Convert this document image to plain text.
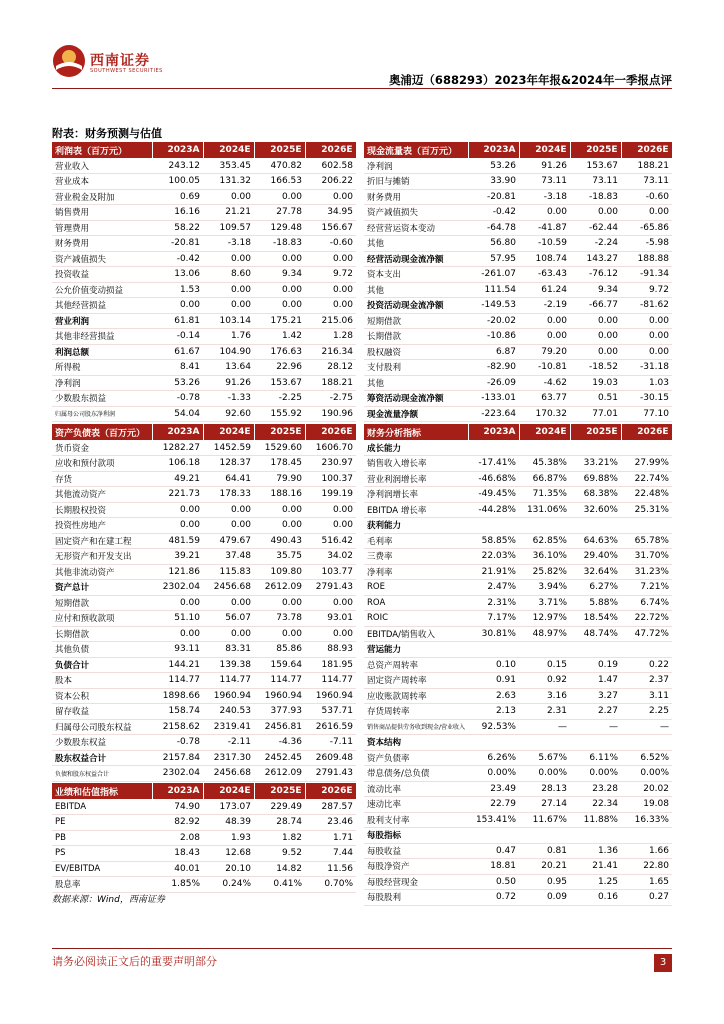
西南证券
SOUTHWEST SECURITIES
奥浦迈（688293）2023年年报&2024年一季报点评
附表：财务预测与估值
利润表（百万元）	2023A	2024E	2025E	2026E
营业收入	243.12	353.45	470.82	602.58
营业成本	100.05	131.32	166.53	206.22
营业税金及附加	0.69	0.00	0.00	0.00
销售费用	16.16	21.21	27.78	34.95
管理费用	58.22	109.57	129.48	156.67
财务费用	-20.81	-3.18	-18.83	-0.60
资产减值损失	-0.42	0.00	0.00	0.00
投资收益	13.06	8.60	9.34	9.72
公允价值变动损益	1.53	0.00	0.00	0.00
其他经营损益	0.00	0.00	0.00	0.00
营业利润	61.81	103.14	175.21	215.06
其他非经营损益	-0.14	1.76	1.42	1.28
利润总额	61.67	104.90	176.63	216.34
所得税	8.41	13.64	22.96	28.12
净利润	53.26	91.26	153.67	188.21
少数股东损益	-0.78	-1.33	-2.25	-2.75
归属母公司股东净利润	54.04	92.60	155.92	190.96
现金流量表（百万元）	2023A	2024E	2025E	2026E
净利润	53.26	91.26	153.67	188.21
折旧与摊销	33.90	73.11	73.11	73.11
财务费用	-20.81	-3.18	-18.83	-0.60
资产减值损失	-0.42	0.00	0.00	0.00
经营营运资本变动	-64.78	-41.87	-62.44	-65.86
其他	56.80	-10.59	-2.24	-5.98
经营活动现金流净额	57.95	108.74	143.27	188.88
资本支出	-261.07	-63.43	-76.12	-91.34
其他	111.54	61.24	9.34	9.72
投资活动现金流净额	-149.53	-2.19	-66.77	-81.62
短期借款	-20.02	0.00	0.00	0.00
长期借款	-10.86	0.00	0.00	0.00
股权融资	6.87	79.20	0.00	0.00
支付股利	-82.90	-10.81	-18.52	-31.18
其他	-26.09	-4.62	19.03	1.03
筹资活动现金流净额	-133.01	63.77	0.51	-30.15
现金流量净额	-223.64	170.32	77.01	77.10
资产负债表（百万元）	2023A	2024E	2025E	2026E
货币资金	1282.27	1452.59	1529.60	1606.70
应收和预付款项	106.18	128.37	178.45	230.97
存货	49.21	64.41	79.90	100.37
其他流动资产	221.73	178.33	188.16	199.19
长期股权投资	0.00	0.00	0.00	0.00
投资性房地产	0.00	0.00	0.00	0.00
固定资产和在建工程	481.59	479.67	490.43	516.42
无形资产和开发支出	39.21	37.48	35.75	34.02
其他非流动资产	121.86	115.83	109.80	103.77
资产总计	2302.04	2456.68	2612.09	2791.43
短期借款	0.00	0.00	0.00	0.00
应付和预收款项	51.10	56.07	73.78	93.01
长期借款	0.00	0.00	0.00	0.00
其他负债	93.11	83.31	85.86	88.93
负债合计	144.21	139.38	159.64	181.95
股本	114.77	114.77	114.77	114.77
资本公积	1898.66	1960.94	1960.94	1960.94
留存收益	158.74	240.53	377.93	537.71
归属母公司股东权益	2158.62	2319.41	2456.81	2616.59
少数股东权益	-0.78	-2.11	-4.36	-7.11
股东权益合计	2157.84	2317.30	2452.45	2609.48
负债和股东权益合计	2302.04	2456.68	2612.09	2791.43
财务分析指标	2023A	2024E	2025E	2026E
成长能力				
销售收入增长率	-17.41%	45.38%	33.21%	27.99%
营业利润增长率	-46.68%	66.87%	69.88%	22.74%
净利润增长率	-49.45%	71.35%	68.38%	22.48%
EBITDA 增长率	-44.28%	131.06%	32.60%	25.31%
获利能力				
毛利率	58.85%	62.85%	64.63%	65.78%
三费率	22.03%	36.10%	29.40%	31.70%
净利率	21.91%	25.82%	32.64%	31.23%
ROE	2.47%	3.94%	6.27%	7.21%
ROA	2.31%	3.71%	5.88%	6.74%
ROIC	7.17%	12.97%	18.54%	22.72%
EBITDA/销售收入	30.81%	48.97%	48.74%	47.72%
营运能力				
总资产周转率	0.10	0.15	0.19	0.22
固定资产周转率	0.91	0.92	1.47	2.37
应收账款周转率	2.63	3.16	3.27	3.11
存货周转率	2.13	2.31	2.27	2.25
销售商品提供劳务收到现金/营业收入	92.53%	—	—	—
资本结构				
资产负债率	6.26%	5.67%	6.11%	6.52%
带息债务/总负债	0.00%	0.00%	0.00%	0.00%
流动比率	23.49	28.13	23.28	20.02
速动比率	22.79	27.14	22.34	19.08
股利支付率	153.41%	11.67%	11.88%	16.33%
每股指标				
每股收益	0.47	0.81	1.36	1.66
每股净资产	18.81	20.21	21.41	22.80
每股经营现金	0.50	0.95	1.25	1.65
每股股利	0.72	0.09	0.16	0.27
业绩和估值指标	2023A	2024E	2025E	2026E
EBITDA	74.90	173.07	229.49	287.57
PE	82.92	48.39	28.74	23.46
PB	2.08	1.93	1.82	1.71
PS	18.43	12.68	9.52	7.44
EV/EBITDA	40.01	20.10	14.82	11.56
股息率	1.85%	0.24%	0.41%	0.70%
数据来源：Wind，西南证券
请务必阅读正文后的重要声明部分	3
